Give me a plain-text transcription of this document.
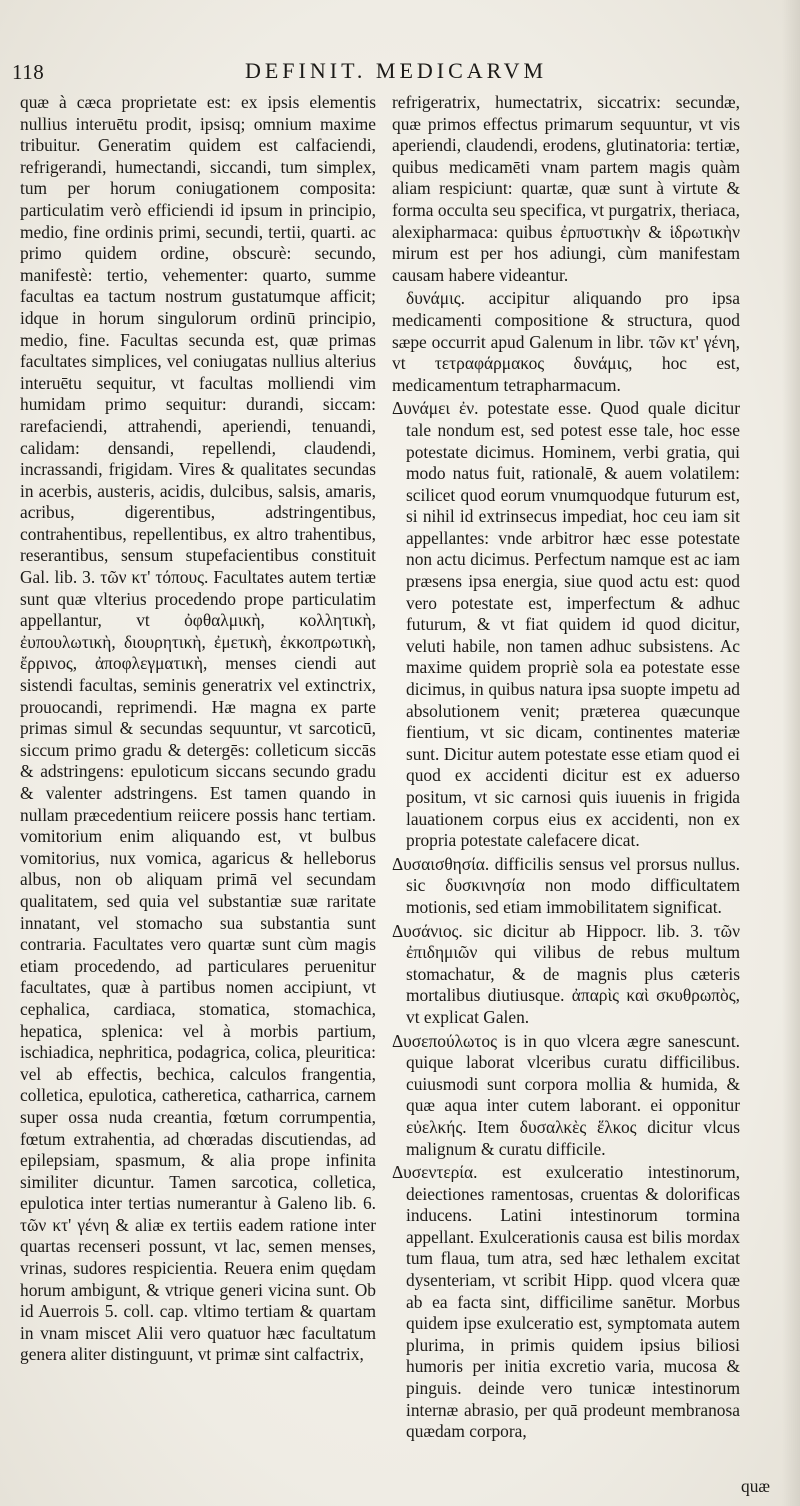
118	DEFINIT. MEDICARVM

quæ à cæca proprietate est: ex ipsis elementis nullius interuētu prodit, ipsisq; omnium maxime tribuitur. Generatim quidem est calfaciendi, refrigerandi, humectandi, siccandi, tum simplex, tum per horum coniugationem composita: particulatim verò efficiendi id ipsum in principio, medio, fine ordinis primi, secundi, tertii, quarti. ac primo quidem ordine, obscurè: secundo, manifestè: tertio, vehementer: quarto, summe facultas ea tactum nostrum gustatumque afficit; idque in horum singulorum ordinū principio, medio, fine. Facultas secunda est, quæ primas facultates simplices, vel coniugatas nullius alterius interuētu sequitur, vt facultas molliendi vim humidam primo sequitur: durandi, siccam: rarefaciendi, attrahendi, aperiendi, tenuandi, calidam: densandi, repellendi, claudendi, incrassandi, frigidam. Vires & qualitates secundas in acerbis, austeris, acidis, dulcibus, salsis, amaris, acribus, digerentibus, adstringentibus, contrahentibus, repellentibus, ex altro trahentibus, reserantibus, sensum stupefacientibus constituit Gal. lib. 3. τῶν κτ' τόπους. Facultates autem tertiæ sunt quæ vlterius procedendo prope particulatim appellantur, vt ὀφθαλμικὴ, κολλητικὴ, ἐυπουλωτικὴ, διουρητικὴ, ἐμετικὴ, ἐκκοπρωτικὴ, ἔρρινος, ἀποφλεγματικὴ, menses ciendi aut sistendi facultas, seminis generatrix vel extinctrix, prouocandi, reprimendi. Hæ magna ex parte primas simul & secundas sequuntur, vt sarcoticū, siccum primo gradu & detergēs: colleticum siccās & adstringens: epuloticum siccans secundo gradu & valenter adstringens. Est tamen quando in nullam præcedentium reiicere possis hanc tertiam. vomitorium enim aliquando est, vt bulbus vomitorius, nux vomica, agaricus & helleborus albus, non ob aliquam primā vel secundam qualitatem, sed quia vel substantiæ suæ raritate innatant, vel stomacho sua substantia sunt contraria. Facultates vero quartæ sunt cùm magis etiam procedendo, ad particulares peruenitur facultates, quæ à partibus nomen accipiunt, vt cephalica, cardiaca, stomatica, stomachica, hepatica, splenica: vel à morbis partium, ischiadica, nephritica, podagrica, colica, pleuritica: vel ab effectis, bechica, calculos frangentia, colletica, epulotica, catheretica, catharrica, carnem super ossa nuda creantia, fœtum corrumpentia, fœtum extrahentia, ad chœradas discutiendas, ad epilepsiam, spasmum, & alia prope infinita similiter dicuntur. Tamen sarcotica, colletica, epulotica inter tertias numerantur à Galeno lib. 6. τῶν κτ' γένη & aliæ ex tertiis eadem ratione inter quartas recenseri possunt, vt lac, semen menses, vrinas, sudores respicientia. Reuera enim quędam horum ambigunt, & vtrique generi vicina sunt. Ob id Auerrois 5. coll. cap. vltimo tertiam & quartam in vnam miscet Alii vero quatuor hæc facultatum genera aliter distinguunt, vt primæ sint calfactrix,

refrigeratrix, humectatrix, siccatrix: secundæ, quæ primos effectus primarum sequuntur, vt vis aperiendi, claudendi, erodens, glutinatoria: tertiæ, quibus medicamēti vnam partem magis quàm aliam respiciunt: quartæ, quæ sunt à virtute & forma occulta seu specifica, vt purgatrix, theriaca, alexipharmaca: quibus ἐρπυστικὴν & ἱδρωτικὴν mirum est per hos adiungi, cùm manifestam causam habere videantur.

δυνάμις. accipitur aliquando pro ipsa medicamenti compositione & structura, quod sæpe occurrit apud Galenum in libr. τῶν κτ' γένη, vt τετραφάρμακος δυνάμις, hoc est, medicamentum tetrapharmacum.

Δυνάμει ἐν. potestate esse. Quod quale dicitur tale nondum est, sed potest esse tale, hoc esse potestate dicimus. Hominem, verbi gratia, qui modo natus fuit, rationalē, & auem volatilem: scilicet quod eorum vnumquodque futurum est, si nihil id extrinsecus impediat, hoc ceu iam sit appellantes: vnde arbitror hæc esse potestate non actu dicimus. Perfectum namque est ac iam præsens ipsa energia, siue quod actu est: quod vero potestate est, imperfectum & adhuc futurum, & vt fiat quidem id quod dicitur, veluti habile, non tamen adhuc subsistens. Ac maxime quidem propriè sola ea potestate esse dicimus, in quibus natura ipsa suopte impetu ad absolutionem venit; præterea quæcunque fientium, vt sic dicam, continentes materiæ sunt. Dicitur autem potestate esse etiam quod ei quod ex accidenti dicitur est ex aduerso positum, vt sic carnosi quis iuuenis in frigida lauationem corpus eius ex accidenti, non ex propria potestate calefacere dicat.

Δυσαισθησία. difficilis sensus vel prorsus nullus. sic δυσκινησία non modo difficultatem motionis, sed etiam immobilitatem significat.

Δυσάνιος. sic dicitur ab Hippocr. lib. 3. τῶν ἐπιδημιῶν qui vilibus de rebus multum stomachatur, & de magnis plus cæteris mortalibus diutiusque. ἀπαρὶς καὶ σκυθρωπὸς, vt explicat Galen.

Δυσεπούλωτος is in quo vlcera ægre sanescunt. quique laborat vlceribus curatu difficilibus. cuiusmodi sunt corpora mollia & humida, & quæ aqua inter cutem laborant. ei opponitur εὐελκής. Item δυσαλκὲς ἕλκος dicitur vlcus malignum & curatu difficile.

Δυσεντερία. est exulceratio intestinorum, deiectiones ramentosas, cruentas & dolorificas inducens. Latini intestinorum tormina appellant. Exulcerationis causa est bilis mordax tum flaua, tum atra, sed hæc lethalem excitat dysenteriam, vt scribit Hipp. quod vlcera quæ ab ea facta sint, difficilime sanētur. Morbus quidem ipse exulceratio est, symptomata autem plurima, in primis quidem ipsius biliosi humoris per initia excretio varia, mucosa & pinguis. deinde vero tunicæ intestinorum internæ abrasio, per quā prodeunt membranosa quædam corpora,

quæ
